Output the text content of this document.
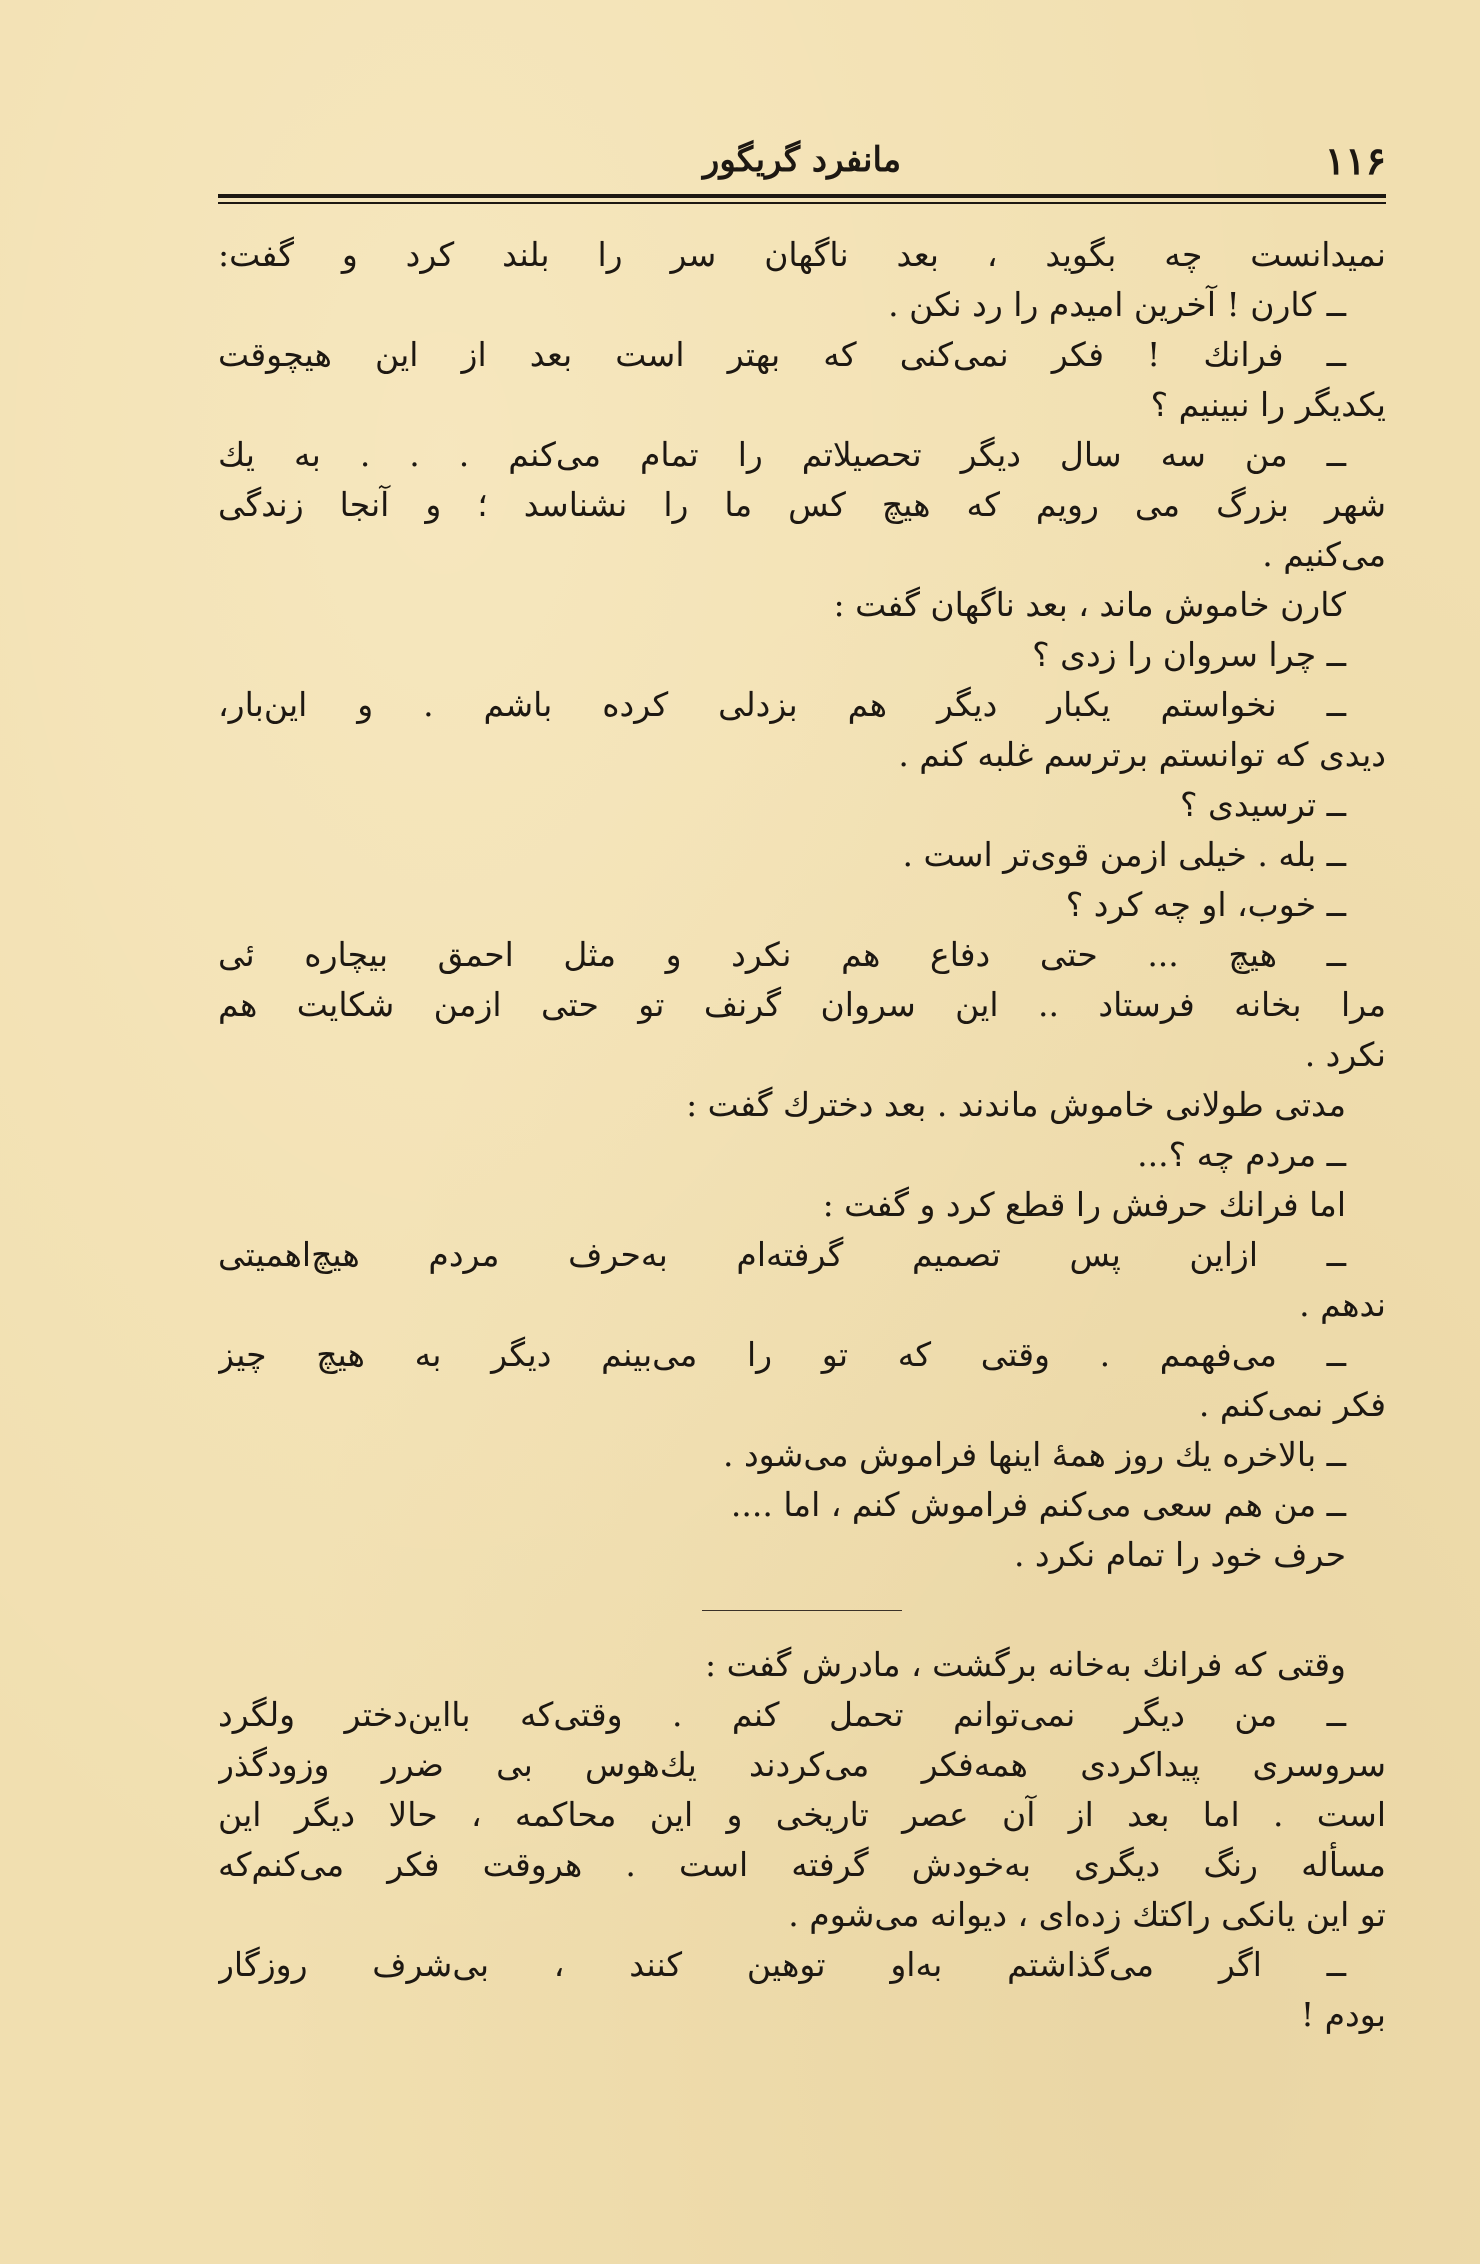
۱۱۶
مانفرد گریگور
نمیدانست چه بگوید ، بعد ناگهان سر را بلند کرد و گفت:
ــ کارن ! آخرین امیدم را رد نکن .
ــ فرانك ! فکر نمی‌کنی که بهتر است بعد از این هیچوقت
یکدیگر را نبینیم ؟
ــ من سه سال دیگر تحصیلاتم را تمام می‌کنم . . . به یك
شهر بزرگ می رویم که هیچ کس ما را نشناسد ؛ و آنجا زندگی
می‌کنیم .
کارن خاموش ماند ، بعد ناگهان گفت :
ــ چرا سروان را زدی ؟
ــ نخواستم یکبار دیگر هم بزدلی کرده باشم . و این‌بار،
دیدی که توانستم برترسم غلبه کنم .
ــ ترسیدی ؟
ــ بله . خیلی ازمن قوی‌تر است .
ــ خوب، او چه کرد ؟
ــ هیچ ... حتی دفاع هم نکرد و مثل احمق بیچاره ئی
مرا بخانه فرستاد .. این سروان گرنف تو حتی ازمن شکایت هم
نکرد .
مدتی طولانی خاموش ماندند . بعد دخترك گفت :
ــ مردم چه ؟...
اما فرانك حرفش را قطع کرد و گفت :
ــ ازاین پس تصمیم گرفته‌ام به‌حرف مردم هیچ‌اهمیتی
ندهم .
ــ می‌فهمم . وقتی که تو را می‌بینم دیگر به هیچ چیز
فکر نمی‌کنم .
ــ بالاخره یك روز همهٔ اینها فراموش می‌شود .
ــ من هم سعی می‌کنم فراموش کنم ، اما ....
حرف خود را تمام نکرد .
وقتی که فرانك به‌خانه برگشت ، مادرش گفت :
ــ من دیگر نمی‌توانم تحمل کنم . وقتی‌که بااین‌دختر ولگرد
سروسری پیداکردی همه‌فکر می‌کردند یك‌هوس بی ضرر وزودگذر
است . اما بعد از آن عصر تاریخی و این محاکمه ، حالا دیگر این
مسأله رنگ دیگری به‌خودش گرفته است . هروقت فکر می‌کنم‌که
تو این یانکی راکتك زده‌ای ، دیوانه می‌شوم .
ــ اگر می‌گذاشتم به‌او توهین کنند ، بی‌شرف روزگار
بودم !
